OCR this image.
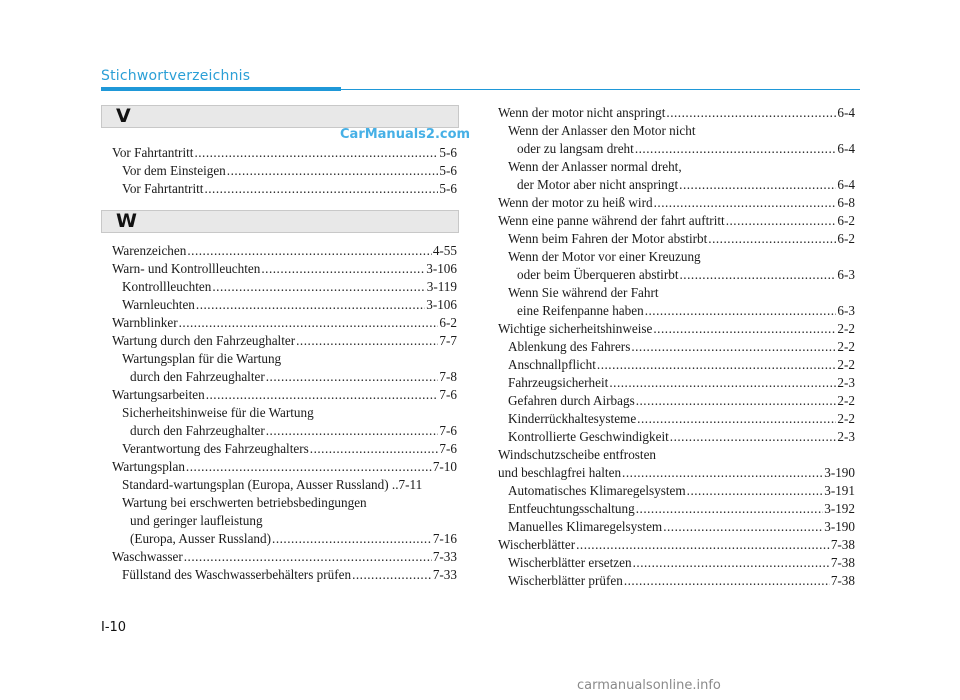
Stichwortverzeichnis
V
CarManuals2.com
Vor Fahrtantritt .....	5-6
Vor dem Einsteigen .....	5-6
Vor Fahrtantritt .....	5-6
W
Warenzeichen .....	4-55
Warn- und Kontrollleuchten .....	3-106
Kontrollleuchten .....	3-119
Warnleuchten .....	3-106
Warnblinker .....	6-2
Wartung durch den Fahrzeughalter .....	7-7
Wartungsplan für die Wartung
durch den Fahrzeughalter .....	7-8
Wartungsarbeiten .....	7-6
Sicherheitshinweise für die Wartung
durch den Fahrzeughalter .....	7-6
Verantwortung des Fahrzeughalters .....	7-6
Wartungsplan .....	7-10
Standard-wartungsplan (Europa, Ausser Russland) .. 7-11
Wartung bei erschwerten betriebsbedingungen
und geringer laufleistung
(Europa, Ausser Russland) .....	7-16
Waschwasser .....	7-33
Füllstand des Waschwasserbehälters prüfen .....	7-33
Wenn der motor nicht anspringt .....	6-4
Wenn der Anlasser den Motor nicht
oder zu langsam dreht .....	6-4
Wenn der Anlasser normal dreht,
der Motor aber nicht anspringt .....	6-4
Wenn der motor zu heiß wird .....	6-8
Wenn eine panne während der fahrt auftritt .....	6-2
Wenn beim Fahren der Motor abstirbt .....	6-2
Wenn der Motor vor einer Kreuzung
oder beim Überqueren abstirbt .....	6-3
Wenn Sie während der Fahrt
eine Reifenpanne haben .....	6-3
Wichtige sicherheitshinweise .....	2-2
Ablenkung des Fahrers .....	2-2
Anschnallpflicht .....	2-2
Fahrzeugsicherheit .....	2-3
Gefahren durch Airbags .....	2-2
Kinderrückhaltesysteme .....	2-2
Kontrollierte Geschwindigkeit .....	2-3
Windschutzscheibe entfrosten
und beschlagfrei halten .....	3-190
Automatisches Klimaregelsystem .....	3-191
Entfeuchtungsschaltung .....	3-192
Manuelles Klimaregelsystem .....	3-190
Wischerblätter .....	7-38
Wischerblätter ersetzen .....	7-38
Wischerblätter prüfen .....	7-38
I-10
carmanualsonline.info
